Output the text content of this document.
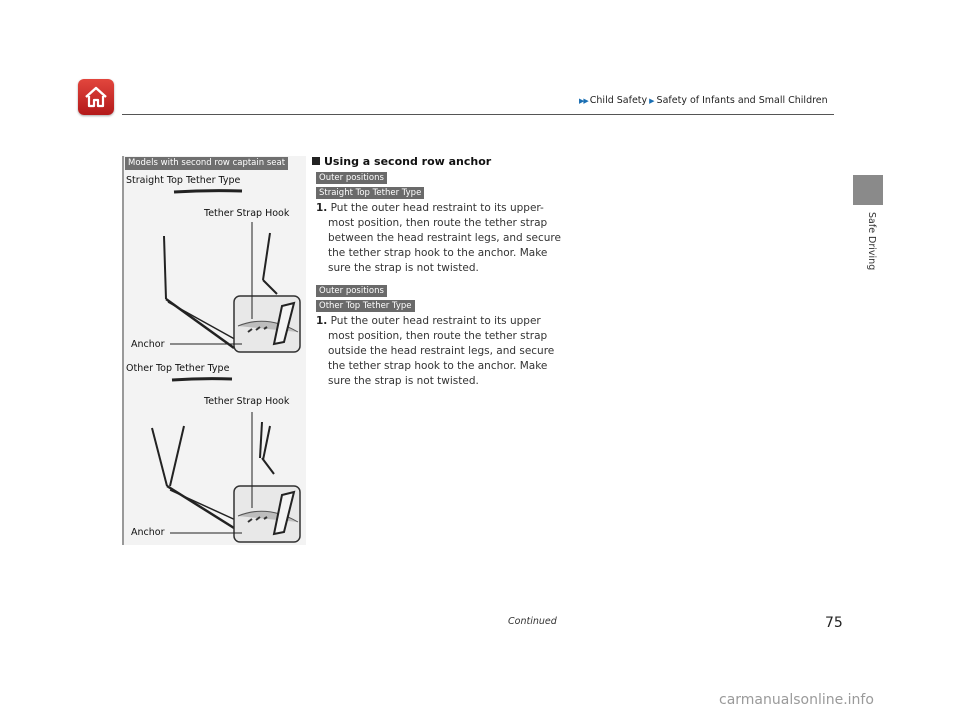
▶▶ Child Safety ▶ Safety of Infants and Small Children
Safe Driving
Models with second row captain seat
Straight Top Tether Type
Tether Strap Hook
Anchor
Other Top Tether Type
Tether Strap Hook
Anchor
Using a second row anchor
Outer positions
Straight Top Tether Type
1. Put the outer head restraint to its upper-
most position, then route the tether strap
between the head restraint legs, and secure
the tether strap hook to the anchor. Make
sure the strap is not twisted.
Outer positions
Other Top Tether Type
1. Put the outer head restraint to its upper
most position, then route the tether strap
outside the head restraint legs, and secure
the tether strap hook to the anchor. Make
sure the strap is not twisted.
Continued	75
carmanualsonline.info
